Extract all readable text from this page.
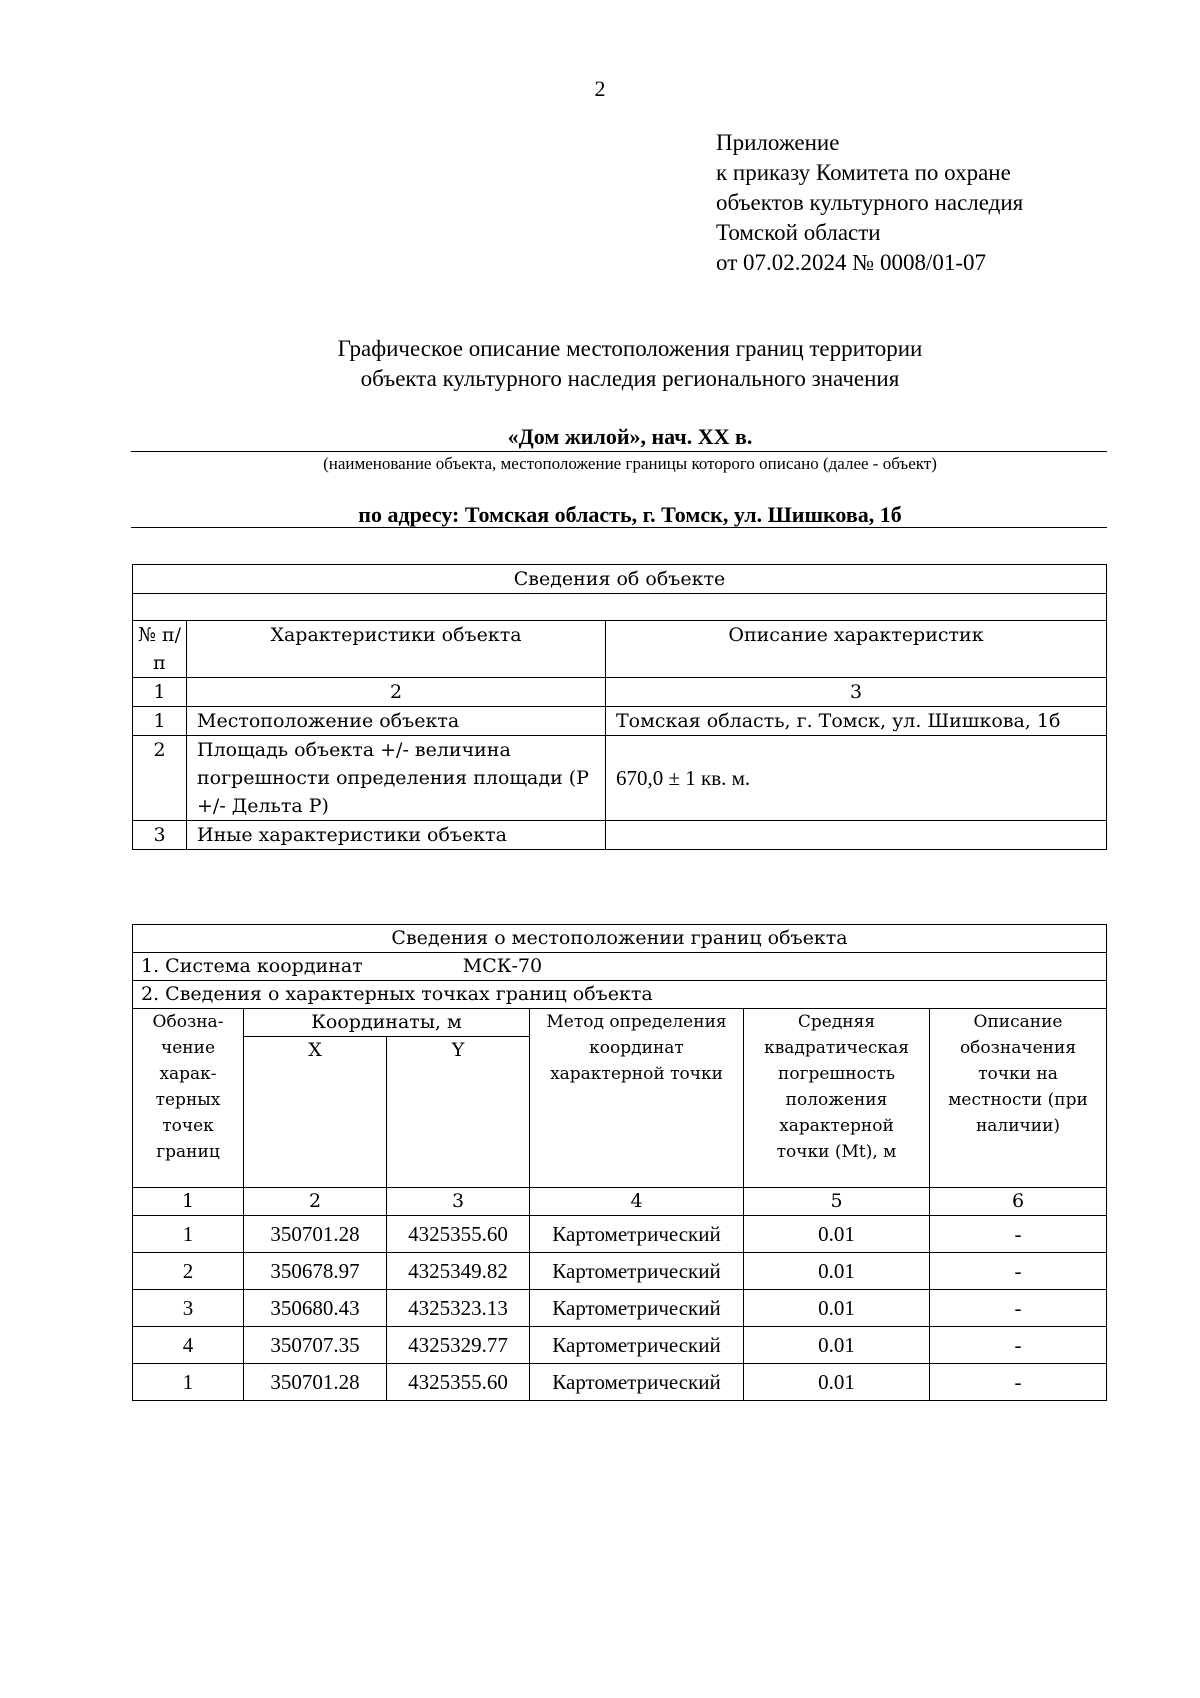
2
Приложение
к приказу Комитета по охране
объектов культурного наследия
Томской области
от 07.02.2024 № 0008/01-07
Графическое описание местоположения границ территории
объекта культурного наследия регионального значения
«Дом жилой», нач. XX в.
(наименование объекта, местоположение границы которого описано (далее - объект)
по адресу: Томская область, г. Томск, ул. Шишкова, 1б
Сведения об объекте		

№ п/п	Характеристики объекта	Описание характеристик
1	2	3
1	Местоположение объекта	Томская область, г. Томск, ул. Шишкова, 1б
2	Площадь объекта +/- величина погрешности определения площади (P +/- Дельта P)	670,0 ± 1 кв. м.
3	Иные характеристики объекта	
Сведения о местоположении границ объекта					
1. Система координат МСК-70					
2. Сведения о характерных точках границ объекта					
Обозна-чение харак-терных точек границ	Координаты, м		Метод определения координат характерной точки	Средняя квадратическая погрешность положения характерной точки (Mt), м	Описание обозначения точки на местности (при наличии)
	X	Y			
1	2	3	4	5	6
1	350701.28	4325355.60	Картометрический	0.01	-
2	350678.97	4325349.82	Картометрический	0.01	-
3	350680.43	4325323.13	Картометрический	0.01	-
4	350707.35	4325329.77	Картометрический	0.01	-
1	350701.28	4325355.60	Картометрический	0.01	-
